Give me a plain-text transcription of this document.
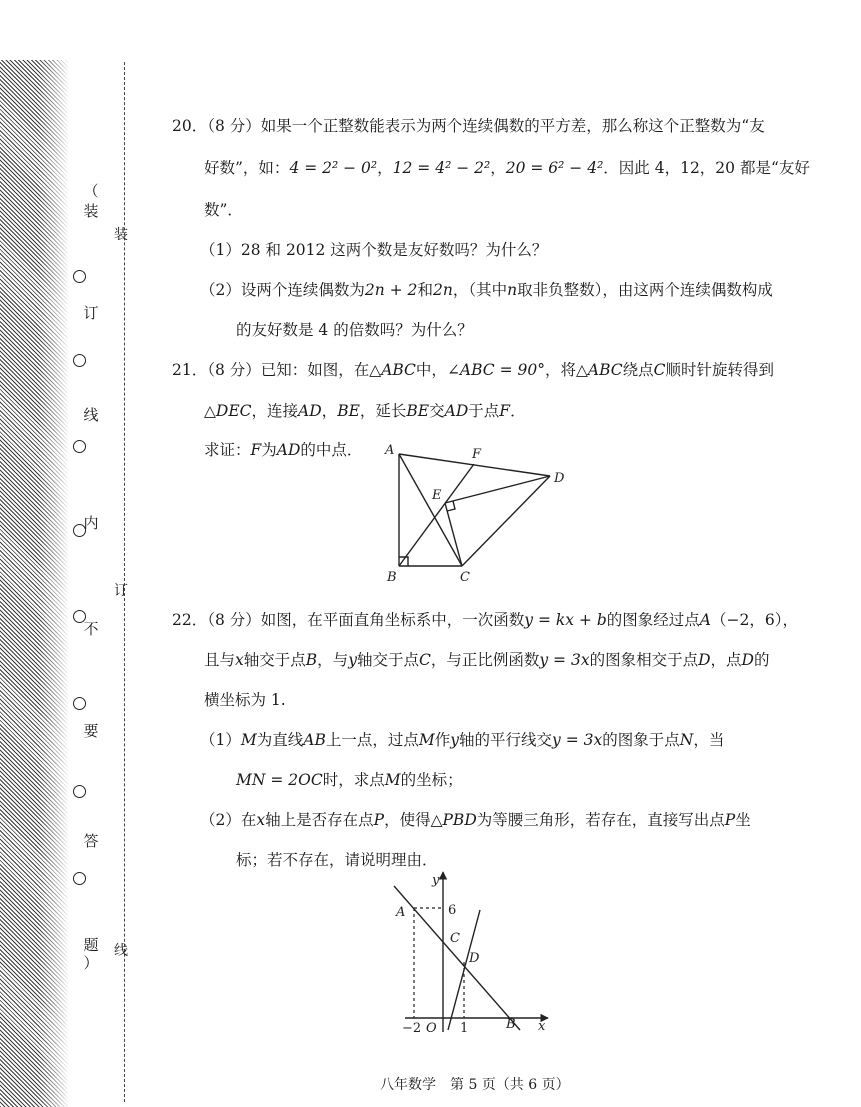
（
装
订
线
内
不
要
答
题
）
装
订
线
20．（8 分）如果一个正整数能表示为两个连续偶数的平方差，那么称这个正整数为“友
好数”，如：4 = 2² − 0²，12 = 4² − 2²，20 = 6² − 4²．因此 4，12，20 都是“友好
数”．
（1）28 和 2012 这两个数是友好数吗？为什么？
（2）设两个连续偶数为2n + 2和2n，（其中n取非负整数），由这两个连续偶数构成
的友好数是 4 的倍数吗？为什么？
21．（8 分）已知：如图，在△ABC中，∠ABC = 90°，将△ABC绕点C顺时针旋转得到
△DEC，连接AD，BE，延长BE交AD于点F．
求证：F为AD的中点．
22．（8 分）如图，在平面直角坐标系中，一次函数y = kx + b的图象经过点A（−2，6），
且与x轴交于点B，与y轴交于点C，与正比例函数y = 3x的图象相交于点D，点D的
横坐标为 1.
（1）M为直线AB上一点，过点M作y轴的平行线交y = 3x的图象于点N，当
MN = 2OC时，求点M的坐标；
（2）在x轴上是否存在点P，使得△PBD为等腰三角形，若存在，直接写出点P坐
标；若不存在，请说明理由．
A	F
D
E
B	C
A
C
D
B
O	x
y
6
−2	1
八年数学　第 5 页（共 6 页）
